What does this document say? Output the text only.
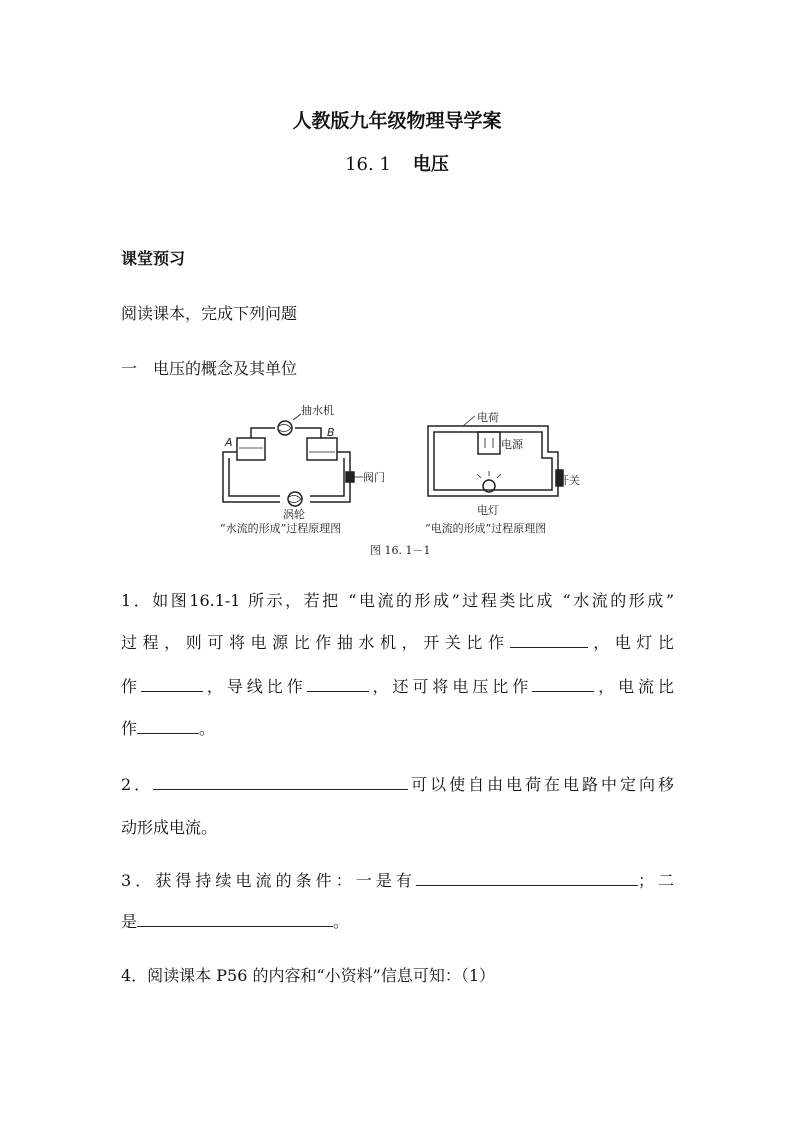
人教版九年级物理导学案
16. 1 电压
课堂预习
阅读课本，完成下列问题
一　电压的概念及其单位
抽水机
A
B
阀门
涡轮
“水流的形成”过程原理图
电荷
电源
开关
电灯
“电流的形成”过程原理图
图 16. 1－1
1．如图16.1-1 所示，若把 “电流的形成”过程类比成 “水流的形成”
过程，则可将电源比作抽水机，开关比作	，电灯比
作	，导线比作	，还可将电压比作	，电流比
作	。
2．	可以使自由电荷在电路中定向移
动形成电流。
3．获得持续电流的条件：一是有	；二
是	。
4．阅读课本 P56 的内容和“小资料”信息可知：（1）
